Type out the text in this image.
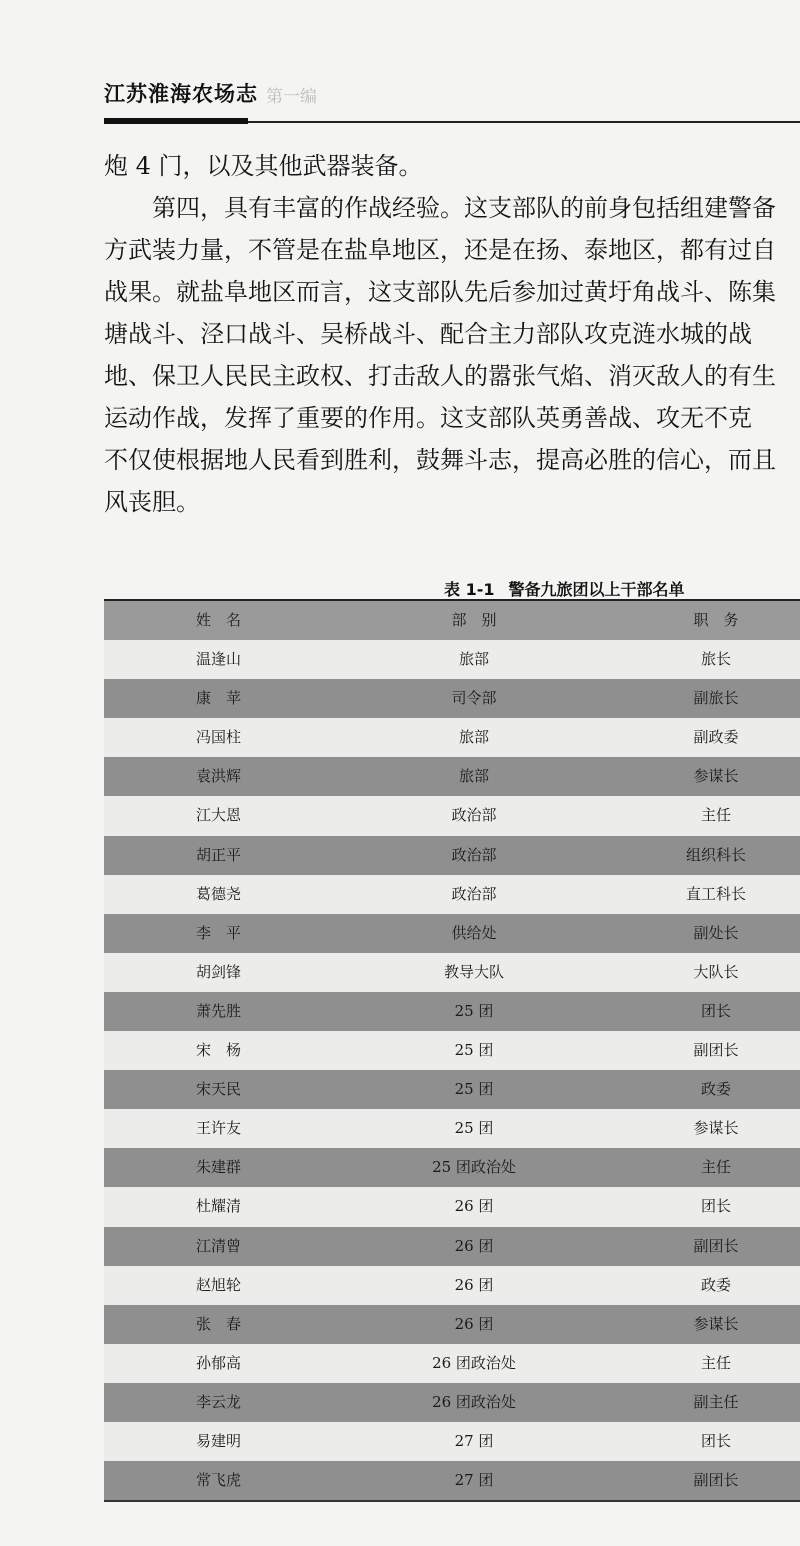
江苏淮海农场志 第一编
炮 4 门，以及其他武器装备。
第四，具有丰富的作战经验。这支部队的前身包括组建警备
方武装力量，不管是在盐阜地区，还是在扬、泰地区，都有过自
战果。就盐阜地区而言，这支部队先后参加过黄圩角战斗、陈集
塘战斗、泾口战斗、吴桥战斗、配合主力部队攻克涟水城的战
地、保卫人民民主政权、打击敌人的嚣张气焰、消灭敌人的有生
运动作战，发挥了重要的作用。这支部队英勇善战、攻无不克
不仅使根据地人民看到胜利，鼓舞斗志，提高必胜的信心，而且
风丧胆。
表 1-1 警备九旅团以上干部名单
姓　名	部　别	职　务
温逢山	旅部	旅长
康　苹	司令部	副旅长
冯国柱	旅部	副政委
袁洪辉	旅部	参谋长
江大恩	政治部	主任
胡正平	政治部	组织科长
葛德尧	政治部	直工科长
李　平	供给处	副处长
胡剑锋	教导大队	大队长
萧先胜	25 团	团长
宋　杨	25 团	副团长
宋天民	25 团	政委
王许友	25 团	参谋长
朱建群	25 团政治处	主任
杜耀清	26 团	团长
江清曾	26 团	副团长
赵旭轮	26 团	政委
张　春	26 团	参谋长
孙郁高	26 团政治处	主任
李云龙	26 团政治处	副主任
易建明	27 团	团长
常飞虎	27 团	副团长
